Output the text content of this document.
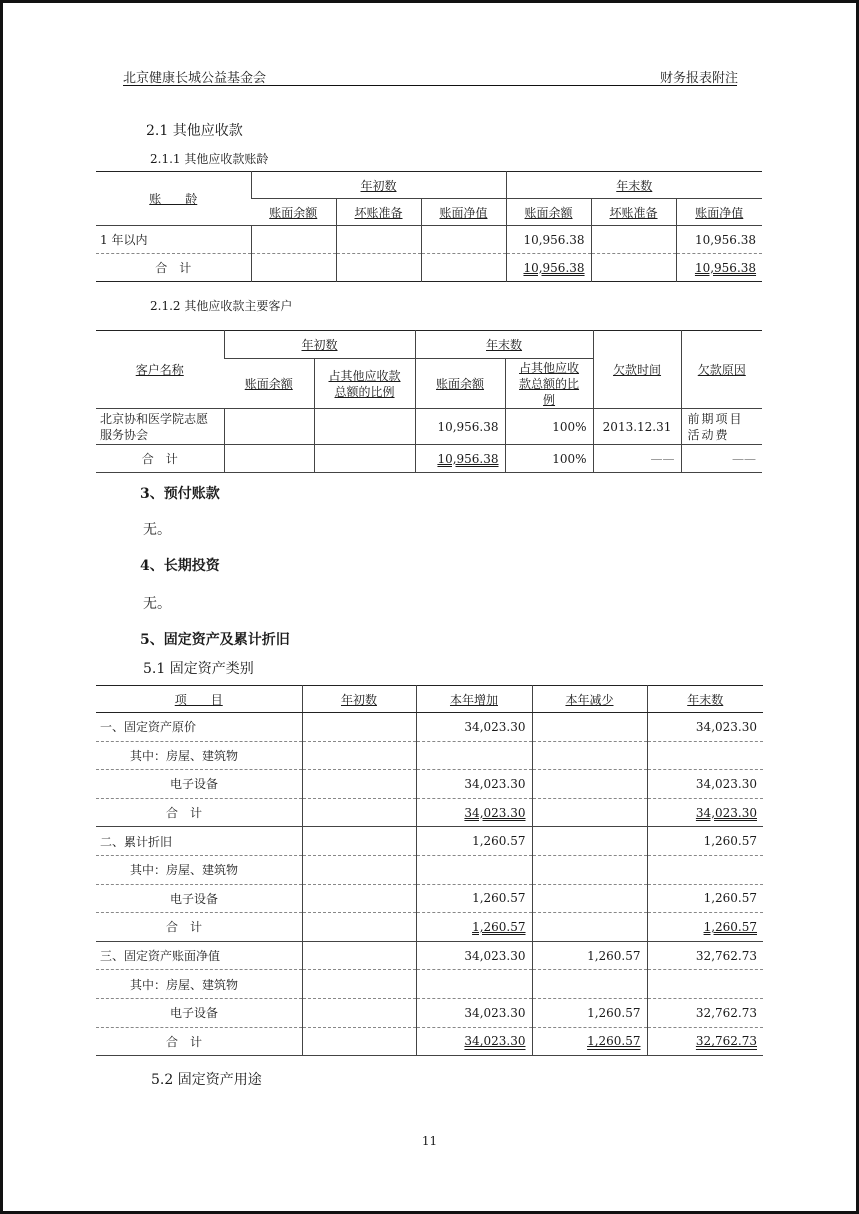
北京健康长城公益基金会	财务报表附注
2.1 其他应收款
2.1.1 其他应收款账龄
账　　龄	年初数			年末数		
	账面余额	坏账准备	账面净值	账面余额	坏账准备	账面净值
1 年以内				10,956.38		10,956.38
合　计				10,956.38		10,956.38
2.1.2 其他应收款主要客户
客户名称	年初数		年末数		欠款时间	欠款原因
	账面余额	占其他应收款总额的比例	账面余额	占其他应收款总额的比例		
北京协和医学院志愿服务协会			10,956.38	100%	2013.12.31	前期项目活动费
合　计			10,956.38	100%	——	——
3、预付账款
无。
4、长期投资
无。
5、固定资产及累计折旧
5.1 固定资产类别
项　　目	年初数	本年增加	本年减少	年末数
一、固定资产原价		34,023.30		34,023.30
其中：房屋、建筑物				
电子设备		34,023.30		34,023.30
合　计		34,023.30		34,023.30
二、累计折旧		1,260.57		1,260.57
其中：房屋、建筑物				
电子设备		1,260.57		1,260.57
合　计		1,260.57		1,260.57
三、固定资产账面净值		34,023.30	1,260.57	32,762.73
其中：房屋、建筑物				
电子设备		34,023.30	1,260.57	32,762.73
合　计		34,023.30	1,260.57	32,762.73
5.2 固定资产用途
11
